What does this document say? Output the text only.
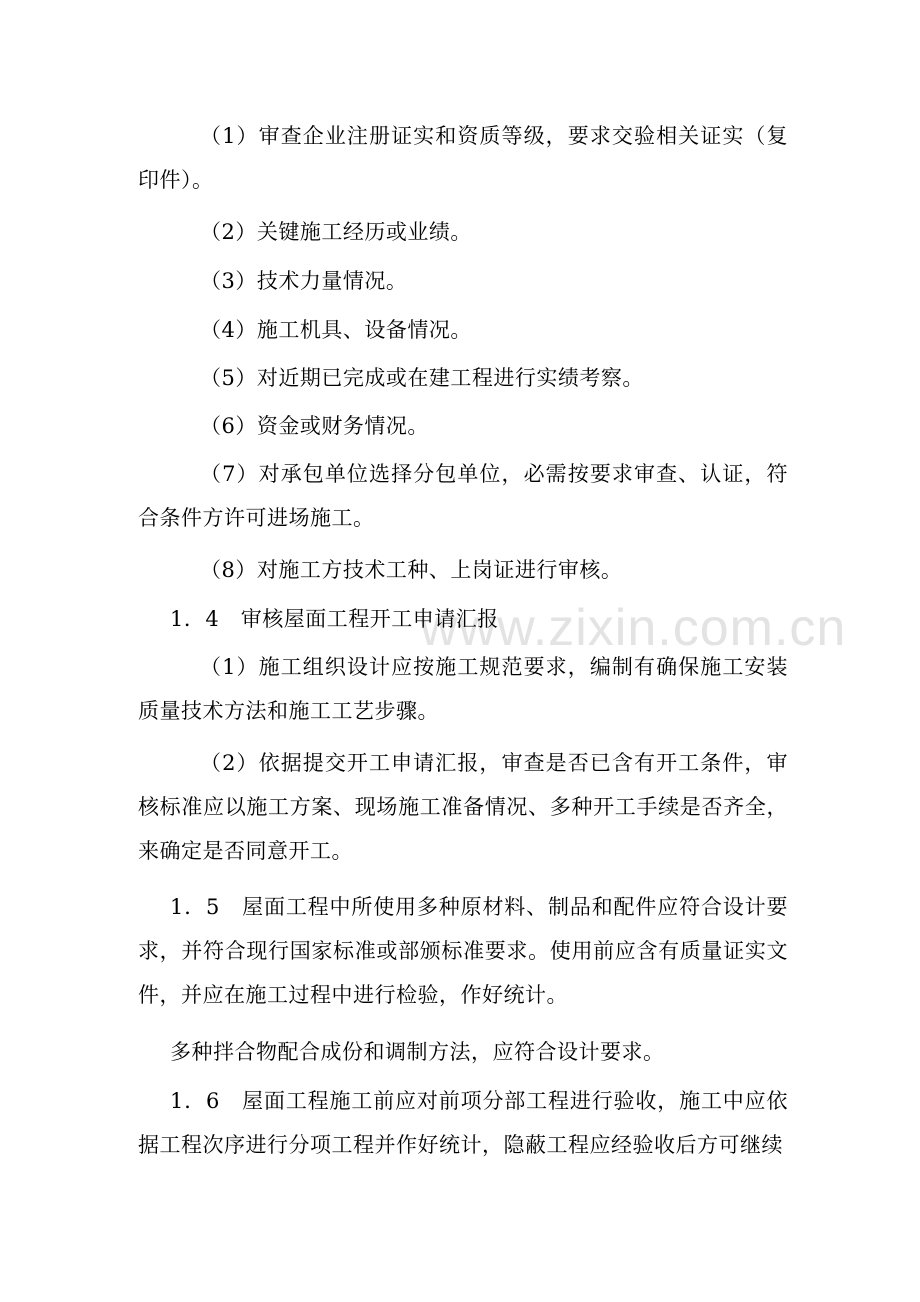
www.zixin.com.cn

（1）审查企业注册证实和资质等级，要求交验相关证实（复印件）。

（2）关键施工经历或业绩。

（3）技术力量情况。

（4）施工机具、设备情况。

（5）对近期已完成或在建工程进行实绩考察。

（6）资金或财务情况。

（7）对承包单位选择分包单位，必需按要求审查、认证，符合条件方许可进场施工。

（8）对施工方技术工种、上岗证进行审核。

1．4　审核屋面工程开工申请汇报

（1）施工组织设计应按施工规范要求，编制有确保施工安装质量技术方法和施工工艺步骤。

（2）依据提交开工申请汇报，审查是否已含有开工条件，审核标准应以施工方案、现场施工准备情况、多种开工手续是否齐全，来确定是否同意开工。

1．5　屋面工程中所使用多种原材料、制品和配件应符合设计要求，并符合现行国家标准或部颁标准要求。使用前应含有质量证实文件，并应在施工过程中进行检验，作好统计。

多种拌合物配合成份和调制方法，应符合设计要求。

1．6　屋面工程施工前应对前项分部工程进行验收，施工中应依据工程次序进行分项工程并作好统计，隐蔽工程应经验收后方可继续
